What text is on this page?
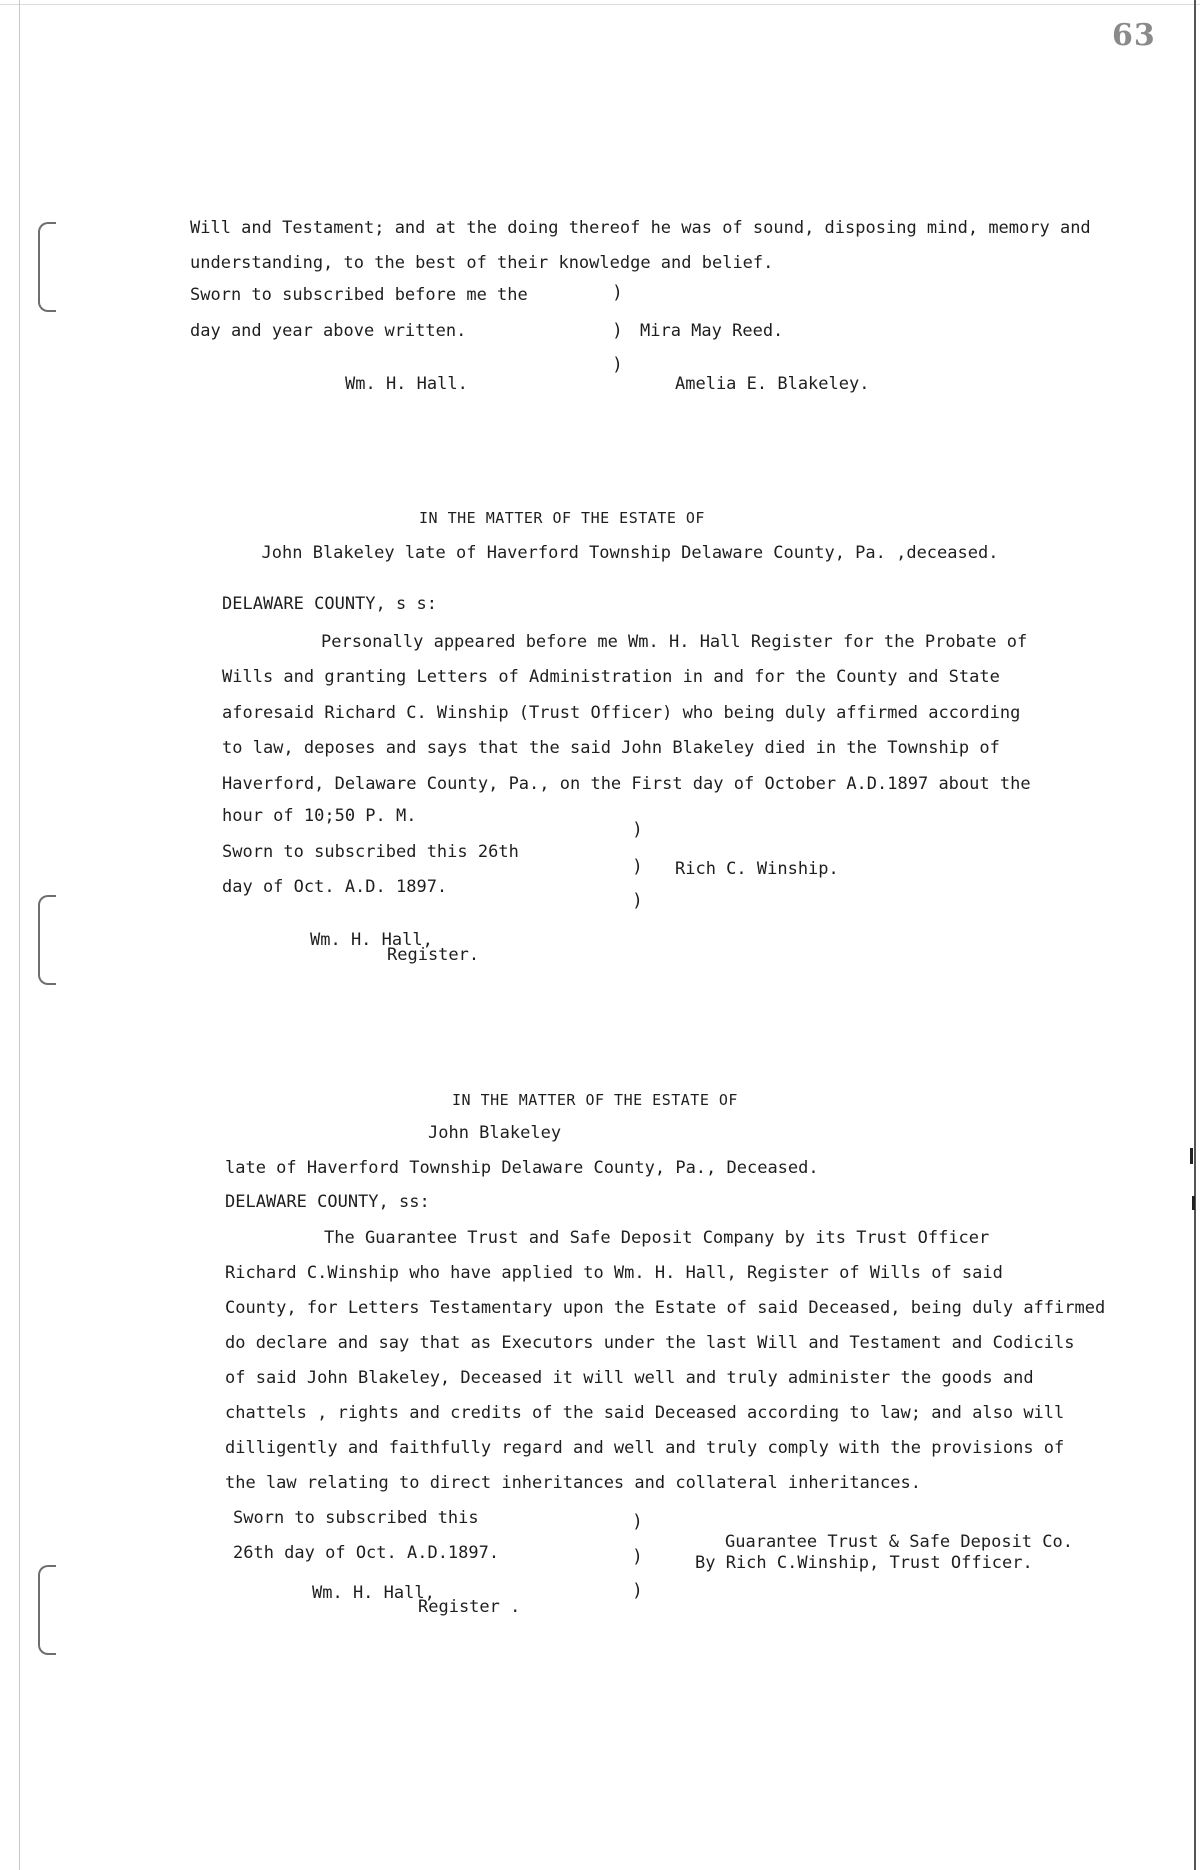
63
Will and Testament; and at the doing thereof he was of sound, disposing mind, memory and
understanding, to the best of their knowledge and belief.
Sworn to subscribed before me the
day and year above written.
)
)
)
Mira May Reed.
Wm. H. Hall.	Amelia E. Blakeley.
IN THE MATTER OF THE ESTATE OF
John Blakeley late of Haverford Township Delaware County, Pa. ,deceased.
DELAWARE COUNTY, s s:
Personally appeared before me Wm. H. Hall Register for the Probate of
Wills and granting Letters of Administration in and for the County and State
aforesaid Richard C. Winship (Trust Officer) who being duly affirmed according
to law, deposes and says that the said John Blakeley died in the Township of
Haverford, Delaware County, Pa., on the First day of October A.D.1897 about the
hour of 10;50 P. M.
Sworn to subscribed this 26th
day of Oct. A.D. 1897.
)
)
)
Rich C. Winship.
Wm. H. Hall,
Register.
IN THE MATTER OF THE ESTATE OF
John Blakeley
late of Haverford Township Delaware County, Pa., Deceased.
DELAWARE COUNTY, ss:
The Guarantee Trust and Safe Deposit Company by its Trust Officer
Richard C.Winship who have applied to Wm. H. Hall, Register of Wills of said
County, for Letters Testamentary upon the Estate of said Deceased, being duly affirmed
do declare and say that as Executors under the last Will and Testament and Codicils
of said John Blakeley, Deceased it will well and truly administer the goods and
chattels , rights and credits of the said Deceased according to law; and also will
dilligently and faithfully regard and well and truly comply with the provisions of
the law relating to direct inheritances and collateral inheritances.
Sworn to subscribed this
26th day of Oct. A.D.1897.
)
)
)
Guarantee Trust & Safe Deposit Co.
By Rich C.Winship, Trust Officer.
Wm. H. Hall,
Register .
